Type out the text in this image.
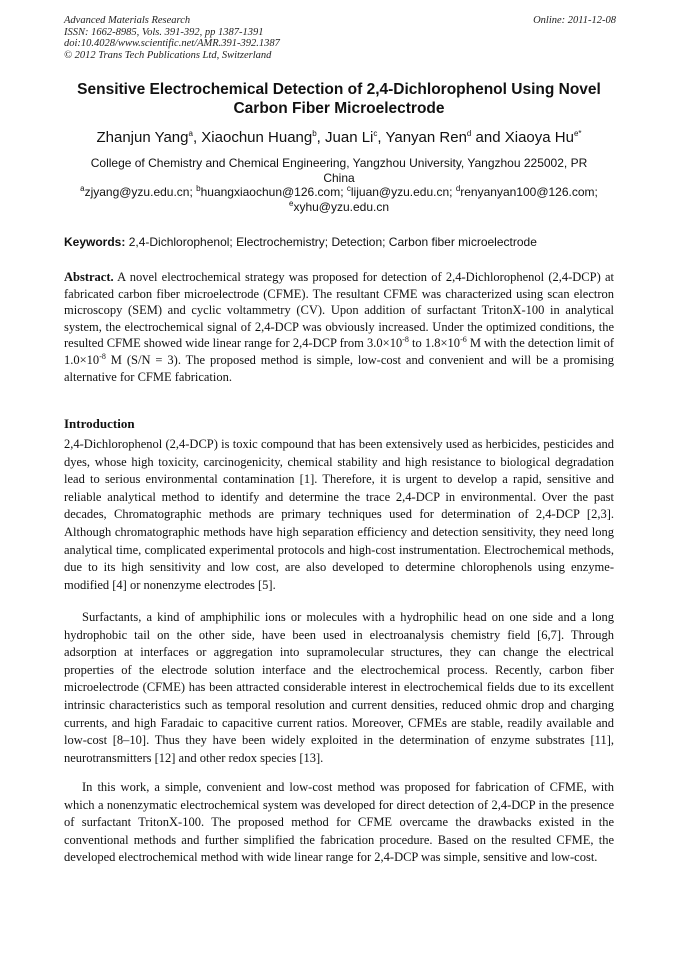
Advanced Materials Research
ISSN: 1662-8985, Vols. 391-392, pp 1387-1391
doi:10.4028/www.scientific.net/AMR.391-392.1387
© 2012 Trans Tech Publications Ltd, Switzerland
Online: 2011-12-08
Sensitive Electrochemical Detection of 2,4-Dichlorophenol Using Novel
Carbon Fiber Microelectrode
Zhanjun Yang$^a$, Xiaochun Huang$^b$, Juan Li$^c$, Yanyan Ren$^d$ and Xiaoya $Hu^{e*}$
College of Chemistry and Chemical Engineering, Yangzhou University, Yangzhou 225002, PR
China
$^a$zjyang@yzu.edu.cn; $^b$huangxiaochun@126.com; $^c$lijuan@yzu.edu.cn; $^d$renyanyan100@126.com;
$^e$xyhu@yzu.edu.cn
Keywords: 2,4-Dichlorophenol; Electrochemistry; Detection; Carbon fiber microelectrode
Abstract. A novel electrochemical strategy was proposed for detection of 2,4-Dichlorophenol (2,4-DCP) at fabricated carbon fiber microelectrode (CFME). The resultant CFME was characterized using scan electron microscopy (SEM) and cyclic voltammetry (CV). Upon addition of surfactant TritonX-100 in analytical system, the electrochemical signal of 2,4-DCP was obviously increased. Under the optimized conditions, the resulted CFME showed wide linear range for 2,4-DCP from $3.0\times 10^{-8}$ to $1.8\times 10^{-6}$ M with the detection limit of $1.0\times 10^{-8}$ M (S/N = 3). The proposed method is simple, low-cost and convenient and will be a promising alternative for CFME fabrication.
Introduction

2,4-Dichlorophenol (2,4-DCP) is toxic compound that has been extensively used as herbicides, pesticides and dyes, whose high toxicity, carcinogenicity, chemical stability and high resistance to biological degradation lead to serious environmental contamination [1]. Therefore, it is urgent to develop a rapid, sensitive and reliable analytical method to identify and determine the trace 2,4-DCP in environmental. Over the past decades, Chromatographic methods are primary techniques used for determination of 2,4-DCP [2,3]. Although chromatographic methods have high separation efficiency and detection sensitivity, they need long analytical time, complicated experimental protocols and high-cost instrumentation. Electrochemical methods, due to its high sensitivity and low cost, are also developed to determine chlorophenols using enzyme-modified [4] or nonenzyme electrodes [5].

Surfactants, a kind of amphiphilic ions or molecules with a hydrophilic head on one side and a long hydrophobic tail on the other side, have been used in electroanalysis chemistry field [6,7]. Through adsorption at interfaces or aggregation into supramolecular structures, they can change the electrical properties of the electrode solution interface and the electrochemical process. Recently, carbon fiber microelectrode (CFME) has been attracted considerable interest in electrochemical fields due to its excellent intrinsic characteristics such as temporal resolution and current densities, reduced ohmic drop and charging currents, and high Faradaic to capacitive current ratios. Moreover, CFMEs are stable, readily available and low-cost [8–10]. Thus they have been widely exploited in the determination of enzyme substrates [11], neurotransmitters [12] and other redox species [13].

In this work, a simple, convenient and low-cost method was proposed for fabrication of CFME, with which a nonenzymatic electrochemical system was developed for direct detection of 2,4-DCP in the presence of surfactant TritonX-100. The proposed method for CFME overcame the drawbacks existed in the conventional methods and further simplified the fabrication procedure. Based on the resulted CFME, the developed electrochemical method with wide linear range for 2,4-DCP was simple, sensitive and low-cost.
